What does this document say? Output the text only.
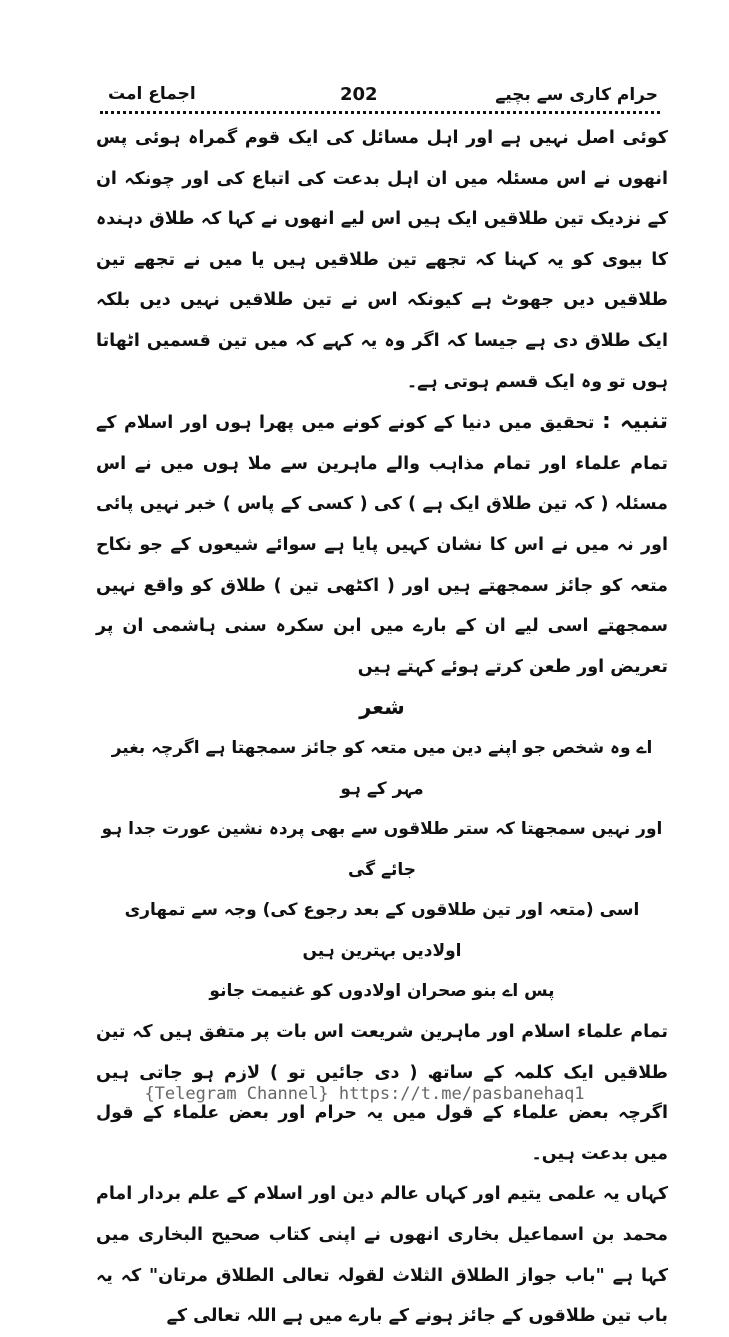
اجماع امت	202	حرام کاری سے بچیے

کوئی اصل نہیں ہے اور اہل مسائل کی ایک قوم گمراہ ہوئی پس انھوں نے اس مسئلہ میں ان اہل بدعت کی اتباع کی اور چونکہ ان کے نزدیک تین طلاقیں ایک ہیں اس لیے انھوں نے کہا کہ طلاق دہندہ کا بیوی کو یہ کہنا کہ تجھے تین طلاقیں ہیں یا میں نے تجھے تین طلاقیں دیں جھوٹ ہے کیونکہ اس نے تین طلاقیں نہیں دیں بلکہ ایک طلاق دی ہے جیسا کہ اگر وہ یہ کہے کہ میں تین قسمیں اٹھاتا ہوں تو وہ ایک قسم ہوتی ہے۔

تنبیہ : تحقیق میں دنیا کے کونے کونے میں پھرا ہوں اور اسلام کے تمام علماء اور تمام مذاہب والے ماہرین سے ملا ہوں میں نے اس مسئلہ ( کہ تین طلاق ایک ہے ) کی ( کسی کے پاس ) خبر نہیں پائی اور نہ میں نے اس کا نشان کہیں پایا ہے سوائے شیعوں کے جو نکاح متعہ کو جائز سمجھتے ہیں اور ( اکٹھی تین ) طلاق کو واقع نہیں سمجھتے اسی لیے ان کے بارے میں ابن سکرہ سنی ہاشمی ان پر تعریض اور طعن کرتے ہوئے کہتے ہیں

شعر

اے وہ شخص جو اپنے دین میں متعہ کو جائز سمجھتا ہے اگرچہ بغیر مہر کے ہو

اور نہیں سمجھتا کہ ستر طلاقوں سے بھی پردہ نشین عورت جدا ہو جائے گی

اسی (متعہ اور تین طلاقوں کے بعد رجوع کی) وجہ سے تمھاری اولادیں بہترین ہیں

پس اے بنو صحران اولادوں کو غنیمت جانو

تمام علماء اسلام اور ماہرین شریعت اس بات پر متفق ہیں کہ تین طلاقیں ایک کلمہ کے ساتھ ( دی جائیں تو ) لازم ہو جاتی ہیں اگرچہ بعض علماء کے قول میں یہ حرام اور بعض علماء کے قول میں بدعت ہیں۔

کہاں یہ علمی یتیم اور کہاں عالم دین اور اسلام کے علم بردار امام محمد بن اسماعیل بخاری انھوں نے اپنی کتاب صحیح البخاری میں کہا ہے "باب جواز الطلاق الثلاث لقولہ تعالی الطلاق مرتان" کہ یہ باب تین طلاقوں کے جائز ہونے کے بارے میں ہے اللہ تعالی کے

{Telegram Channel} https://t.me/pasbanehaq1
